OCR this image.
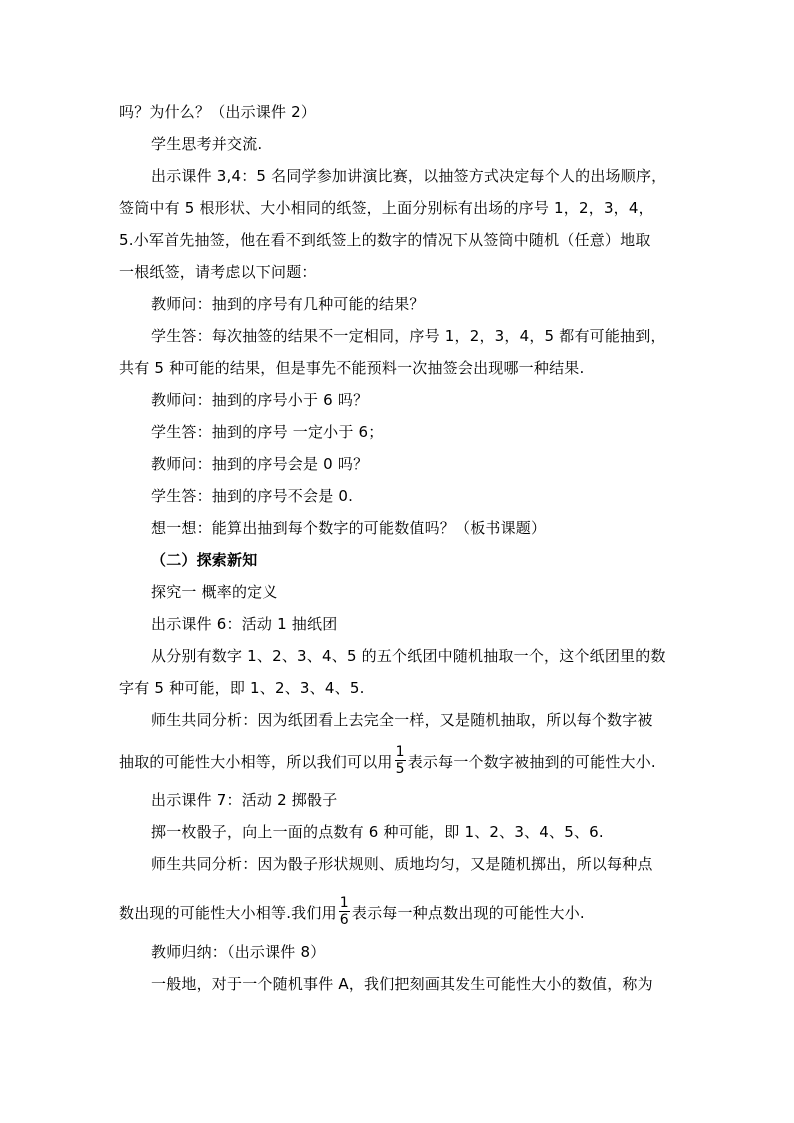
吗？为什么？（出示课件 2）
学生思考并交流.
出示课件 3,4：5 名同学参加讲演比赛，以抽签方式决定每个人的出场顺序，
签筒中有 5 根形状、大小相同的纸签，上面分别标有出场的序号 1，2，3，4，
5.小军首先抽签，他在看不到纸签上的数字的情况下从签筒中随机（任意）地取
一根纸签，请考虑以下问题：
教师问：抽到的序号有几种可能的结果？
学生答：每次抽签的结果不一定相同，序号 1，2，3，4，5 都有可能抽到，
共有 5 种可能的结果，但是事先不能预料一次抽签会出现哪一种结果.
教师问：抽到的序号小于 6 吗？
学生答：抽到的序号 一定小于 6；
教师问：抽到的序号会是 0 吗？
学生答：抽到的序号不会是 0.
想一想：能算出抽到每个数字的可能数值吗？（板书课题）
（二）探索新知
探究一 概率的定义
出示课件 6：活动 1 抽纸团
从分别有数字 1、2、3、4、5 的五个纸团中随机抽取一个，这个纸团里的数
字有 5 种可能，即 1、2、3、4、5.
师生共同分析：因为纸团看上去完全一样，又是随机抽取，所以每个数字被
抽取的可能性大小相等，所以我们可以用 $\frac{1}{5}$ 表示每一个数字被抽到的可能性大小.
出示课件 7：活动 2 掷骰子
掷一枚骰子，向上一面的点数有 6 种可能，即 1、2、3、4、5、6.
师生共同分析：因为骰子形状规则、质地均匀，又是随机掷出，所以每种点
数出现的可能性大小相等.我们用 $\frac{1}{6}$ 表示每一种点数出现的可能性大小.
教师归纳：（出示课件 8）
一般地，对于一个随机事件 A，我们把刻画其发生可能性大小的数值，称为
